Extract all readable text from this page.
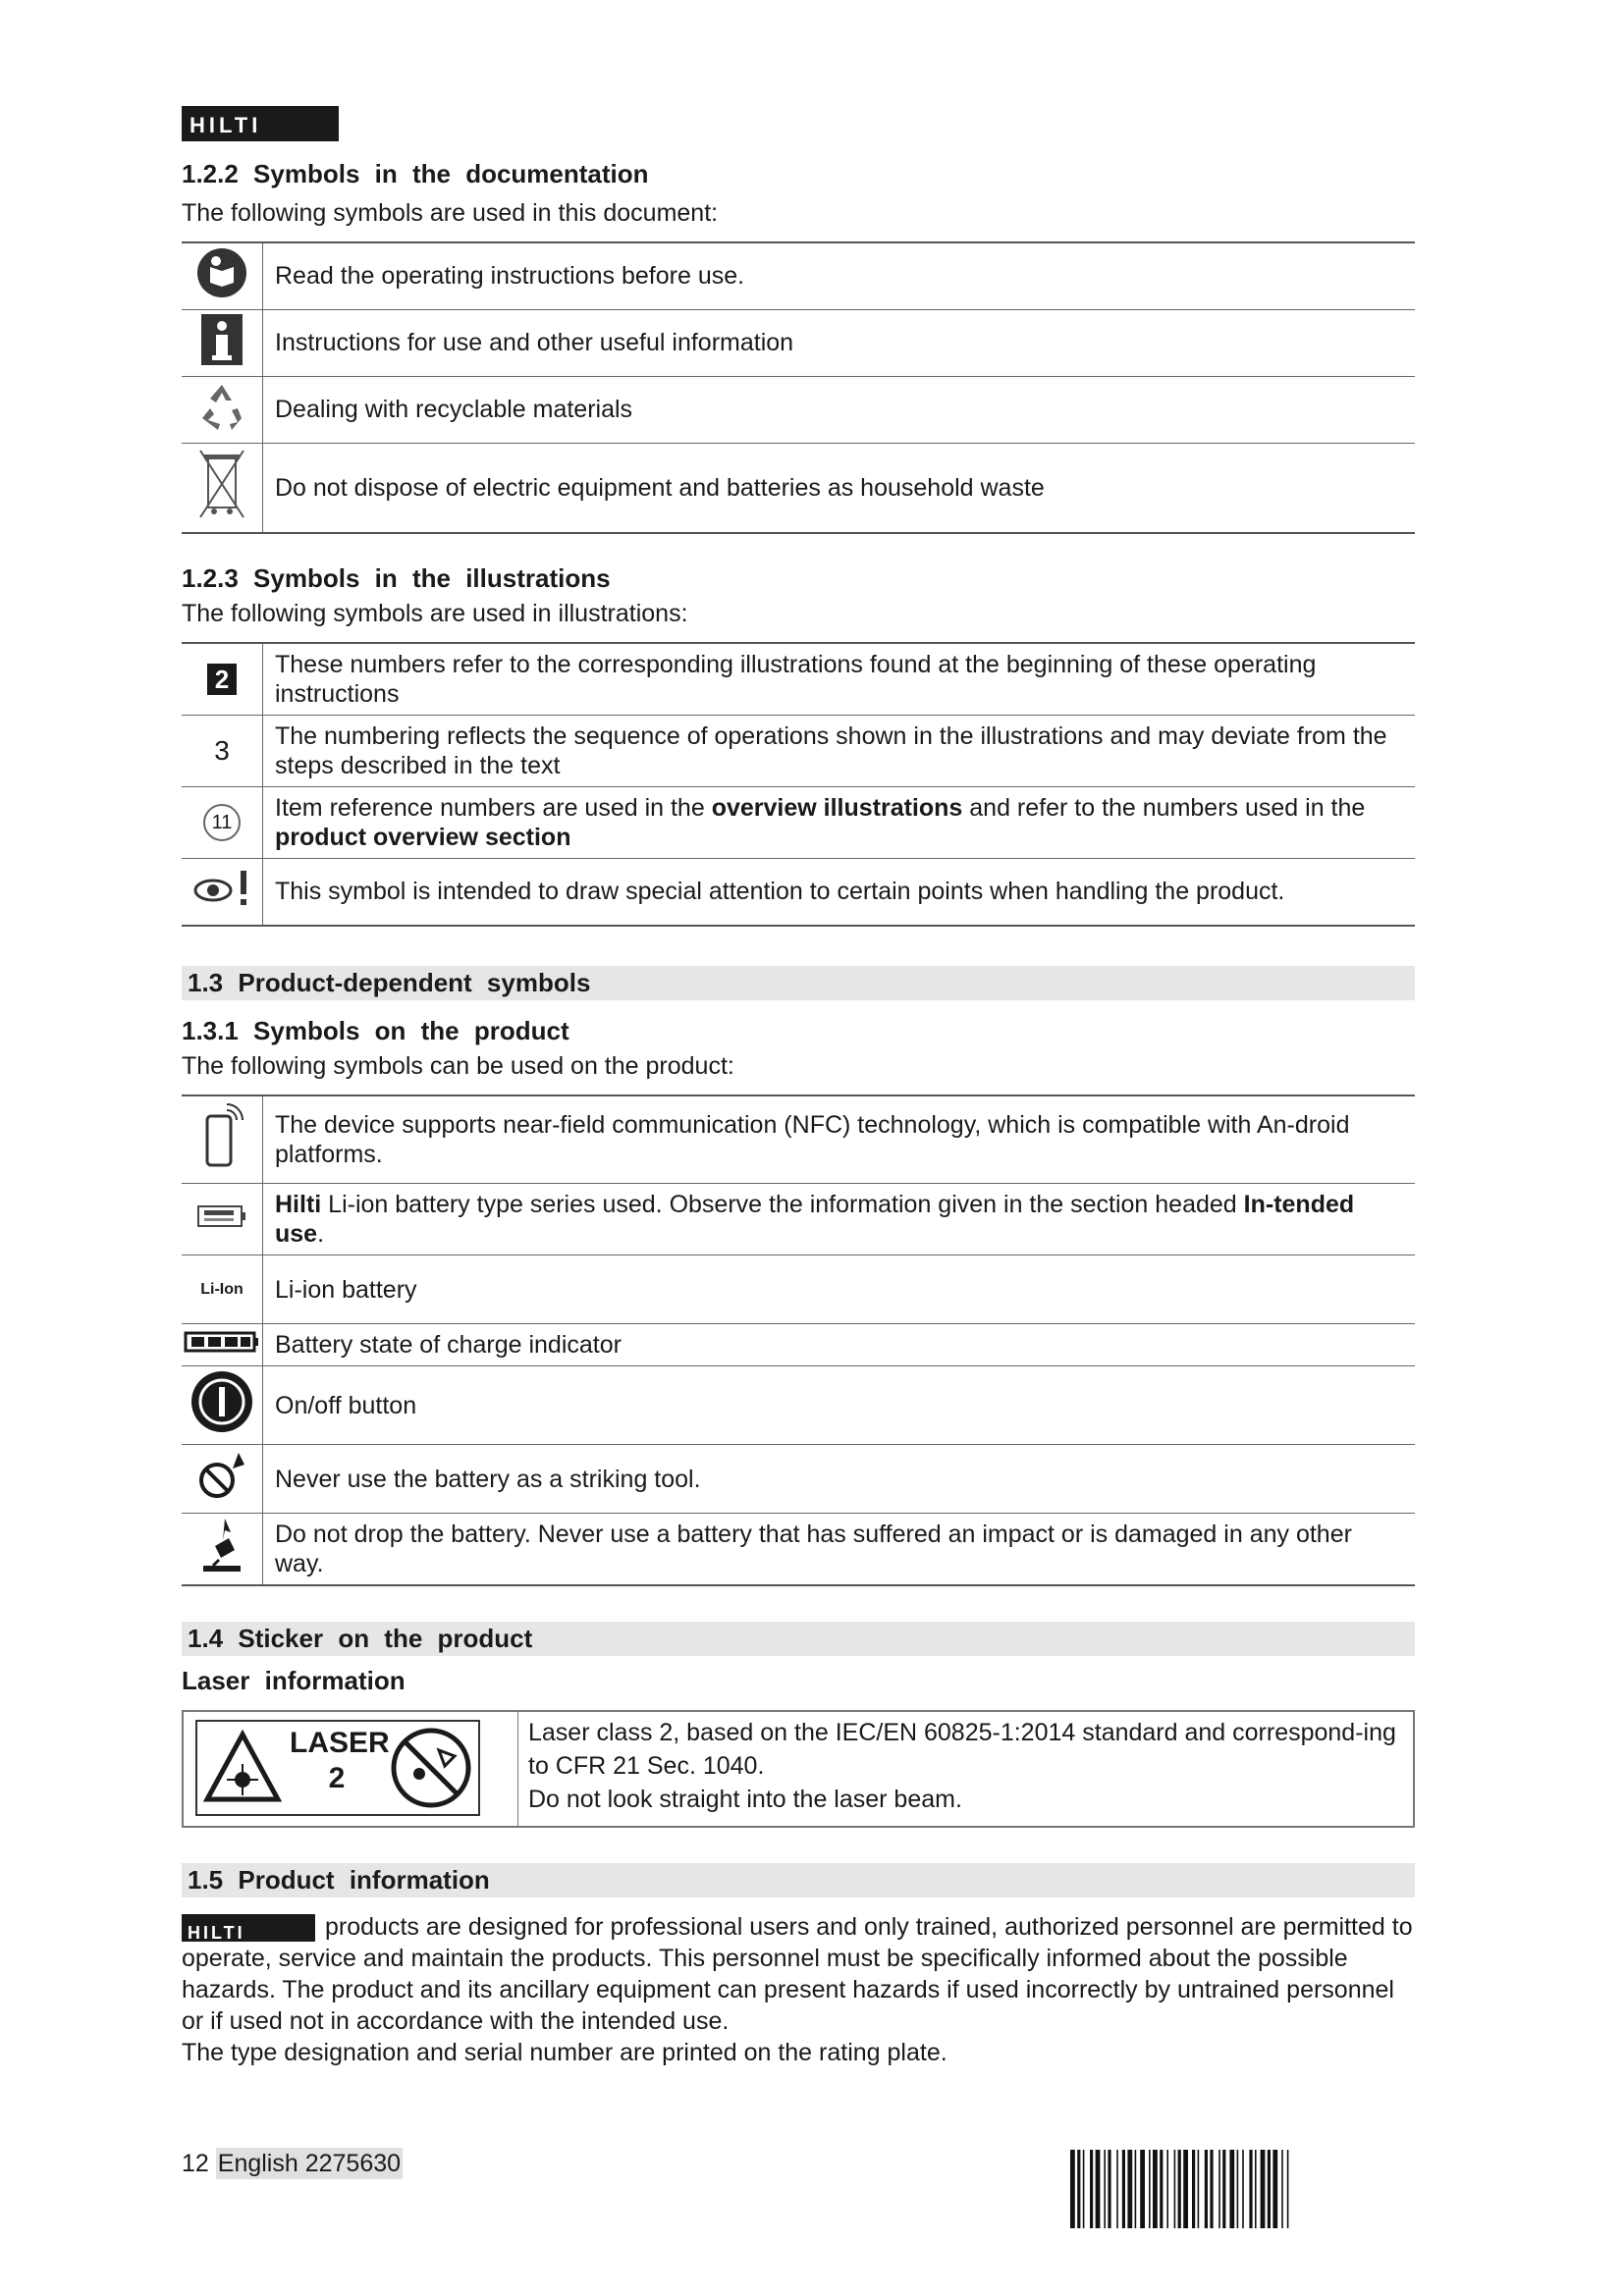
HILTI
1.2.2 Symbols in the documentation

The following symbols are used in this document:

	Read the operating instructions before use.
	Instructions for use and other useful information
	Dealing with recyclable materials
	Do not dispose of electric equipment and batteries as household waste
1.2.3 Symbols in the illustrations

The following symbols are used in illustrations:

2	These numbers refer to the corresponding illustrations found at the beginning of these operating instructions
3	The numbering reflects the sequence of operations shown in the illustrations and may deviate from the steps described in the text
11	Item reference numbers are used in the overview illustrations and refer to the numbers used in the product overview section
	This symbol is intended to draw special attention to certain points when handling the product.
1.3 Product-dependent symbols
1.3.1 Symbols on the product

The following symbols can be used on the product:

	The device supports near-field communication (NFC) technology, which is compatible with An-droid platforms.
	Hilti Li-ion battery type series used. Observe the information given in the section headed In-tended use.
Li-Ion	Li-ion battery
	Battery state of charge indicator
	On/off button
	Never use the battery as a striking tool.
	Do not drop the battery. Never use a battery that has suffered an impact or is damaged in any other way.
1.4 Sticker on the product
Laser information
LASER
2

Laser class 2, based on the IEC/EN 60825-1:2014 standard and correspond-ing to CFR 21 Sec. 1040.
Do not look straight into the laser beam.
1.5 Product information
HILTI	products are designed for professional users and only trained, authorized personnel are permitted to operate, service and maintain the products. This personnel must be specifically informed about the possible hazards. The product and its ancillary equipment can present hazards if used incorrectly by untrained personnel or if used not in accordance with the intended use.
The type designation and serial number are printed on the rating plate.
12 English 2275630
